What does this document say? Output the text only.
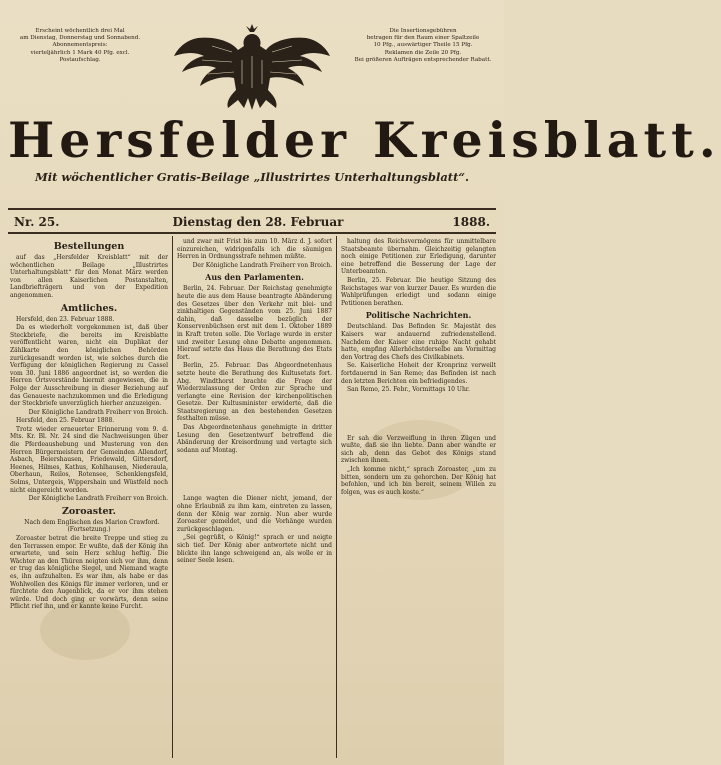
Erscheint wöchentlich drei Mal
am Dienstag, Donnerstag und Sonnabend.
Abonnementspreis:
vierteljährlich 1 Mark 40 Pfg. excl.
Postaufschlag.
Die Insertionsgebühren
betragen für den Raum einer Spaltzeile
10 Pfg., auswärtiger Theile 15 Pfg.
Reklamen die Zeile 20 Pfg.
Bei größeren Aufträgen entsprechender Rabatt.
Hersfelder Kreisblatt.
Mit wöchentlicher Gratis-Beilage „Illustrirtes Unterhaltungsblatt“.
Nr. 25.	Dienstag den 28. Februar	1888.
Bestellungen

auf das „Hersfelder Kreisblatt“ mit der wöchentlichen Beilage „Illustrirtes Unterhaltungsblatt“ für den Monat März werden von allen Kaiserlichen Postanstalten, Landbriefträgern und von der Expedition angenommen.

Amtliches.

Hersfeld, den 23. Februar 1888.

Da es wiederholt vorgekommen ist, daß über Steckbriefe, die bereits im Kreisblatte veröffentlicht waren, nicht ein Duplikat der Zählkarte den königlichen Behörden zurückgesandt worden ist, wie solches durch die Verfügung der königlichen Regierung zu Cassel vom 30. Juni 1886 angeordnet ist, so werden die Herren Ortsvorstände hiermit angewiesen, die in Folge der Ausschreibung in dieser Beziehung auf das Genaueste nachzukommen und die Erledigung der Steckbriefe unverzüglich hierher anzuzeigen.

Der Königliche Landrath Freiherr von Broich.

Hersfeld, den 25. Februar 1888.

Trotz wieder erneuerter Erinnerung vom 9. d. Mts. Kr. Bl. Nr. 24 sind die Nachweisungen über die Pferdeaushebung und Musterung von den Herren Bürgermeistern der Gemeinden Allendorf, Asbach, Beiershausen, Friedewald, Gittersdorf, Heenes, Hilmes, Kathus, Kohlhausen, Niederaula, Oberhaun, Reilos, Rotensee, Schenklengsfeld, Solms, Untergeis, Wippershain und Wüstfeld noch nicht eingereicht worden.

Der Königliche Landrath Freiherr von Broich.

Zoroaster.

Nach dem Englischen des Marion Crawford. (Fortsetzung.)

Zoroaster betrat die breite Treppe und stieg zu den Terrassen empor. Er wußte, daß der König ihn erwartete, und sein Herz schlug heftig. Die Wächter an den Thüren neigten sich vor ihm, denn er trug das königliche Siegel, und Niemand wagte es, ihn aufzuhalten. Es war ihm, als habe er das Wohlwollen des Königs für immer verloren, und er fürchtete den Augenblick, da er vor ihm stehen würde. Und doch ging er vorwärts, denn seine Pflicht rief ihn, und er kannte keine Furcht.

und zwar mit Frist bis zum 10. März d. J. sofort einzureichen, widrigenfalls ich die säumigen Herren in Ordnungsstrafe nehmen müßte.

Der Königliche Landrath Freiherr von Broich.

Aus den Parlamenten.

Berlin, 24. Februar. Der Reichstag genehmigte heute die aus dem Hause beantragte Abänderung des Gesetzes über den Verkehr mit blei- und zinkhaltigen Gegenständen vom 25. Juni 1887 dahin, daß dasselbe bezüglich der Konservenbüchsen erst mit dem 1. Oktober 1889 in Kraft treten solle. Die Vorlage wurde in erster und zweiter Lesung ohne Debatte angenommen. Hierauf setzte das Haus die Berathung des Etats fort.

Berlin, 25. Februar. Das Abgeordnetenhaus setzte heute die Berathung des Kultusetats fort. Abg. Windthorst brachte die Frage der Wiederzulassung der Orden zur Sprache und verlangte eine Revision der kirchenpolitischen Gesetze. Der Kultusminister erwiderte, daß die Staatsregierung an den bestehenden Gesetzen festhalten müsse.

Das Abgeordnetenhaus genehmigte in dritter Lesung den Gesetzentwurf betreffend die Abänderung der Kreisordnung und vertagte sich sodann auf Montag.

Lange wagten die Diener nicht, jemand, der ohne Erlaubniß zu ihm kam, eintreten zu lassen, denn der König war zornig. Nun aber wurde Zoroaster gemeldet, und die Vorhänge wurden zurückgeschlagen.

„Sei gegrüßt, o König!“ sprach er und neigte sich tief. Der König aber antwortete nicht und blickte ihn lange schweigend an, als wolle er in seiner Seele lesen.

haltung des Reichsvermögens für unmittelbare Staatsbeamte übernahm. Gleichzeitig gelangten noch einige Petitionen zur Erledigung, darunter eine betreffend die Besserung der Lage der Unterbeamten.

Berlin, 25. Februar. Die heutige Sitzung des Reichstages war von kurzer Dauer. Es wurden die Wahlprüfungen erledigt und sodann einige Petitionen berathen.

Politische Nachrichten.

Deutschland. Das Befinden Sr. Majestät des Kaisers war andauernd zufriedenstellend. Nachdem der Kaiser eine ruhige Nacht gehabt hatte, empfing Allerhöchstderselbe am Vormittag den Vortrag des Chefs des Civilkabinets.

Se. Kaiserliche Hoheit der Kronprinz verweilt fortdauernd in San Remo; das Befinden ist nach den letzten Berichten ein befriedigendes.

San Remo, 25. Febr., Vormittags 10 Uhr.

Er sah die Verzweiflung in ihren Zügen und wußte, daß sie ihn liebte. Dann aber wandte er sich ab, denn das Gebot des Königs stand zwischen ihnen.

„Ich komme nicht,“ sprach Zoroaster, „um zu bitten, sondern um zu gehorchen. Der König hat befohlen, und ich bin bereit, seinem Willen zu folgen, was es auch koste.“
